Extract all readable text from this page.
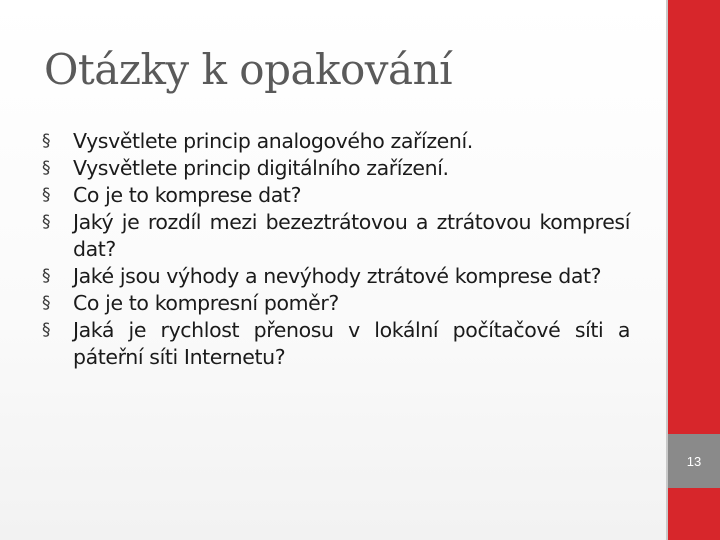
Otázky k opakování
§	Vysvětlete princip analogového zařízení.
§	Vysvětlete princip digitálního zařízení.
§	Co je to komprese dat?
§	Jaký je rozdíl mezi bezeztrátovou a ztrátovou kompresí dat?
§	Jaké jsou výhody a nevýhody ztrátové komprese dat?
§	Co je to kompresní poměr?
§	Jaká je rychlost přenosu v lokální počítačové síti a páteřní síti Internetu?
13
